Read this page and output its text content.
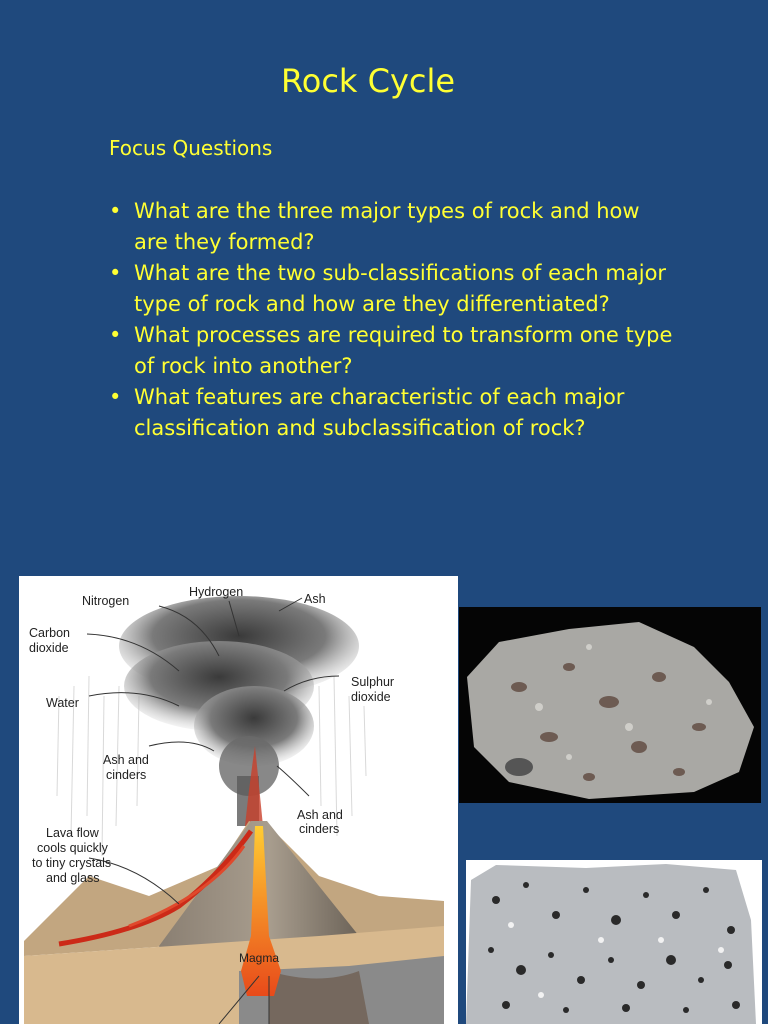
Rock Cycle
Focus Questions
• What are the three major types of rock and how are they formed?
• What are the two sub-classifications of each major type of rock and how are they differentiated?
• What processes are required to transform one type of rock into another?
• What features are characteristic of each major classification and subclassification of rock?
Nitrogen
Hydrogen	Ash
Carbon
dioxide
Water
Sulphur
dioxide
Ash and
cinders
Ash and
cinders
Lava flow
cools quickly
to tiny crystals
and glass
Magma
